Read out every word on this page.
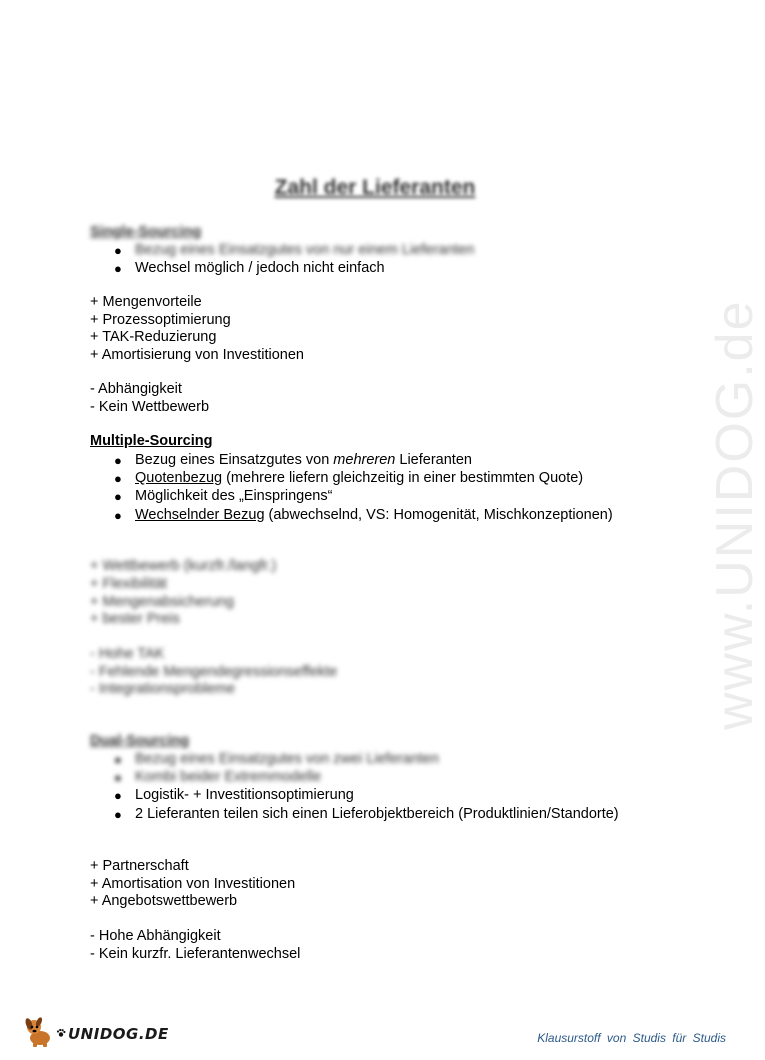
www.UNIDOG.de
Zahl der Lieferanten
Single-Sourcing
● Bezug eines Einsatzgutes von nur einem Lieferanten
● Wechsel möglich / jedoch nicht einfach
+ Mengenvorteile
+ Prozessoptimierung
+ TAK-Reduzierung
+ Amortisierung von Investitionen
- Abhängigkeit
- Kein Wettbewerb
Multiple-Sourcing
● Bezug eines Einsatzgutes von mehreren Lieferanten
● Quotenbezug (mehrere liefern gleichzeitig in einer bestimmten Quote)
● Möglichkeit des „Einspringens“
● Wechselnder Bezug (abwechselnd, VS: Homogenität, Mischkonzeptionen)
+ Wettbewerb (kurzfr./langfr.)
+ Flexibilität
+ Mengenabsicherung
+ bester Preis
- Hohe TAK
- Fehlende Mengendegressionseffekte
- Integrationsprobleme
Dual-Sourcing
● Bezug eines Einsatzgutes von zwei Lieferanten
● Kombi beider Extremmodelle
● Logistik- + Investitionsoptimierung
● 2 Lieferanten teilen sich einen Lieferobjektbereich (Produktlinien/Standorte)
+ Partnerschaft
+ Amortisation von Investitionen
+ Angebotswettbewerb
- Hohe Abhängigkeit
- Kein kurzfr. Lieferantenwechsel
UNIDOG.DE	Klausurstoff von Studis für Studis
